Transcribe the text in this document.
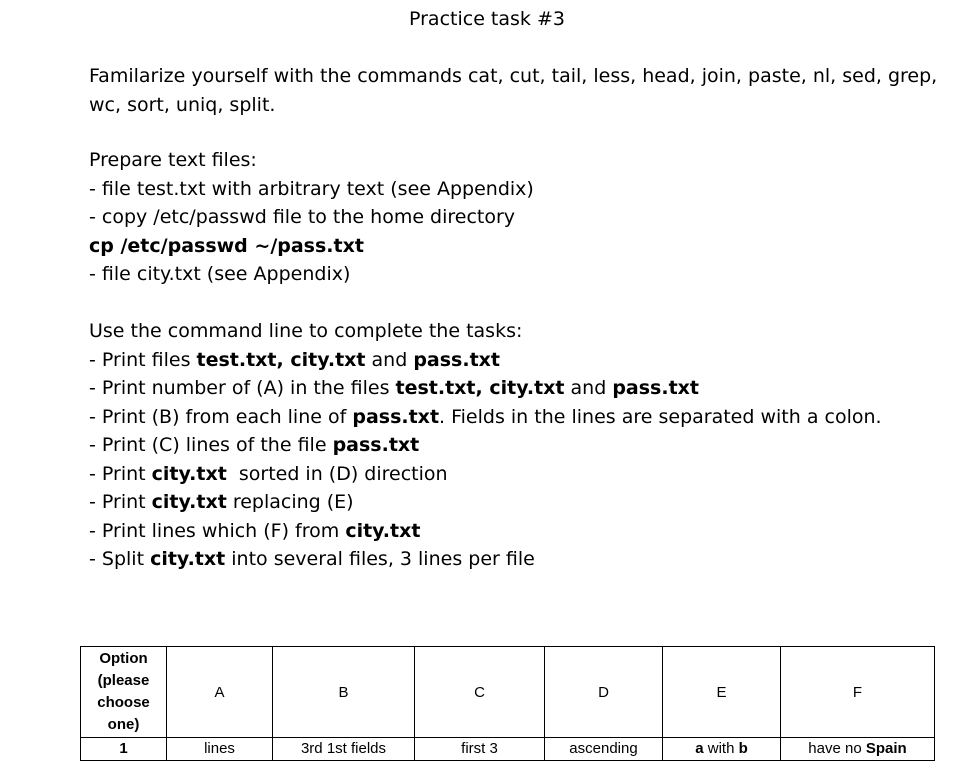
Practice task #3
Familarize yourself with the commands cat, cut, tail, less, head, join, paste, nl, sed, grep,
wc, sort, uniq, split.
Prepare text files:
- file test.txt with arbitrary text (see Appendix)
- copy /etc/passwd file to the home directory
cp /etc/passwd ~/pass.txt
- file city.txt (see Appendix)
Use the command line to complete the tasks:
- Print files test.txt, city.txt and pass.txt
- Print number of (A) in the files test.txt, city.txt and pass.txt
- Print (B) from each line of pass.txt. Fields in the lines are separated with a colon.
- Print (C) lines of the file pass.txt
- Print city.txt  sorted in (D) direction
- Print city.txt replacing (E)
- Print lines which (F) from city.txt
- Split city.txt into several files, 3 lines per file
Option
(please
choose
one)	A	B	C	D	E	F
1	lines	3rd 1st fields	first 3	ascending	a with b	have no Spain
